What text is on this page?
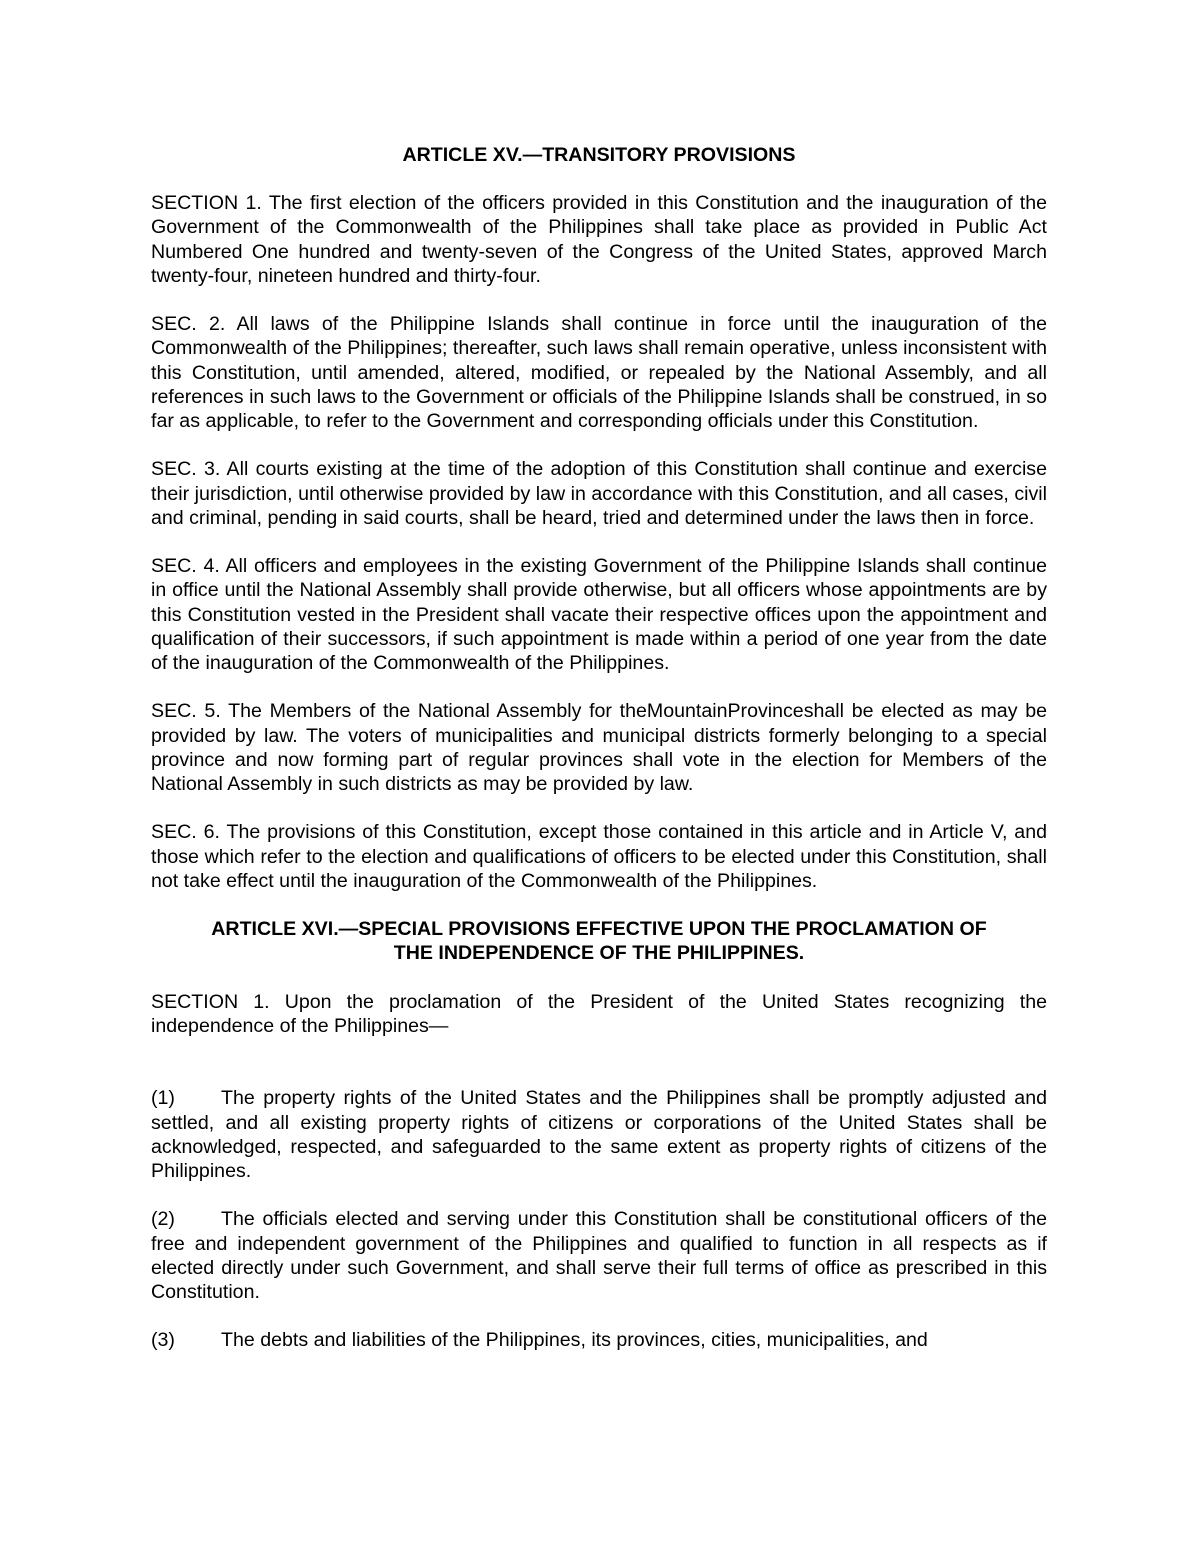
ARTICLE XV.—TRANSITORY PROVISIONS

SECTION 1. The first election of the officers provided in this Constitution and the inauguration of the Government of the Commonwealth of the Philippines shall take place as provided in Public Act Numbered One hundred and twenty-seven of the Congress of the United States, approved March twenty-four, nineteen hundred and thirty-four.

SEC. 2. All laws of the Philippine Islands shall continue in force until the inauguration of the Commonwealth of the Philippines; thereafter, such laws shall remain operative, unless inconsistent with this Constitution, until amended, altered, modified, or repealed by the National Assembly, and all references in such laws to the Government or officials of the Philippine Islands shall be construed, in so far as applicable, to refer to the Government and corresponding officials under this Constitution.

SEC. 3. All courts existing at the time of the adoption of this Constitution shall continue and exercise their jurisdiction, until otherwise provided by law in accordance with this Constitution, and all cases, civil and criminal, pending in said courts, shall be heard, tried and determined under the laws then in force.

SEC. 4. All officers and employees in the existing Government of the Philippine Islands shall continue in office until the National Assembly shall provide otherwise, but all officers whose appointments are by this Constitution vested in the President shall vacate their respective offices upon the appointment and qualification of their successors, if such appointment is made within a period of one year from the date of the inauguration of the Commonwealth of the Philippines.

SEC. 5. The Members of the National Assembly for theMountainProvinceshall be elected as may be provided by law. The voters of municipalities and municipal districts formerly belonging to a special province and now forming part of regular provinces shall vote in the election for Members of the National Assembly in such districts as may be provided by law.

SEC. 6. The provisions of this Constitution, except those contained in this article and in Article V, and those which refer to the election and qualifications of officers to be elected under this Constitution, shall not take effect until the inauguration of the Commonwealth of the Philippines.

ARTICLE XVI.—SPECIAL PROVISIONS EFFECTIVE UPON THE PROCLAMATION OF
THE INDEPENDENCE OF THE PHILIPPINES.

SECTION 1. Upon the proclamation of the President of the United States recognizing the independence of the Philippines—

(1) The property rights of the United States and the Philippines shall be promptly adjusted and settled, and all existing property rights of citizens or corporations of the United States shall be acknowledged, respected, and safeguarded to the same extent as property rights of citizens of the Philippines.

(2) The officials elected and serving under this Constitution shall be constitutional officers of the free and independent government of the Philippines and qualified to function in all respects as if elected directly under such Government, and shall serve their full terms of office as prescribed in this Constitution.

(3) The debts and liabilities of the Philippines, its provinces, cities, municipalities, and
